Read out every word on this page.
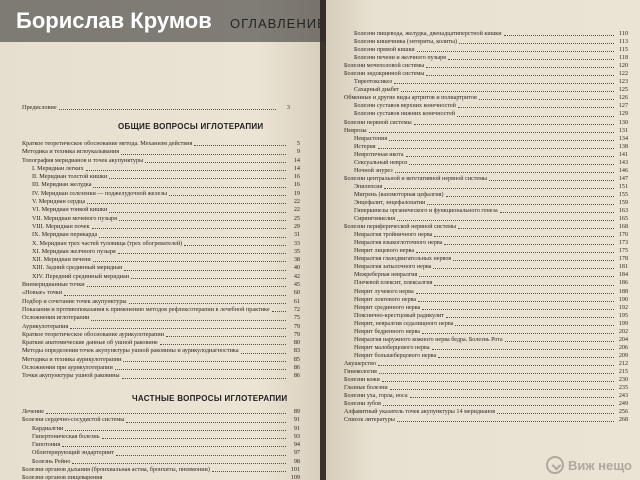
Предисловие	3
ОБЩИЕ ВОПРОСЫ ИГЛОТЕРАПИИ
Краткое теоретическое обоснование метода. Механизм действия	5
Методика и техника иглоукалывания	9
Топография меридианов и точек акупунктуры	14
I. Меридиан легких	14
II. Меридиан толстой кишки	16
III. Меридиан желудка	16
IV. Меридиан селезенки — поджелудочной железы	19
V. Меридиан сердца	22
VI. Меридиан тонкой кишки	22
VII. Меридиан мочевого пузыря	25
VIII. Меридиан почек	29
IX. Меридиан перикарда	31
X. Меридиан трех частей туловища (трех обогревателей)	33
XI. Меридиан желчного пузыря	35
XII. Меридиан печени	38
XIII. Задний срединный меридиан	40
XIV. Передний срединный меридиан	42
Внемеридианные точки	45
«Новые» точки	60
Подбор и сочетание точек акупунктуры	61
Показания и противопоказания к применению методов рефлексотерапии в лечебной практике	72
Осложнения иглотерапии	75
Аурикулотерапия	79
Краткое теоретическое обоснование аурикулотерапии	79
Краткие анатомические данные об ушной раковине	80
Методы определения точек акупунктуры ушной раковины и аурикулодиагностика	83
Методика и техника аурикулотерапии	85
Осложнения при аурикулотерапии	86
Точки акупунктуры ушной раковины	86
ЧАСТНЫЕ ВОПРОСЫ ИГЛОТЕРАПИИ
Лечение	89
Болезни сердечно-сосудистой системы	91
Кардиалгии	91
Гипертоническая болезнь	93
Гипотония	94
Облитерирующий эндартериит	97
Болезнь Рейно	98
Болезни органов дыхания (бронхиальная астма, бронхиты, пневмонии)	101
Болезни органов пищеварения	109
Болезни пищевода, желудка, двенадцатиперстной кишки	110
Болезни кишечника (энтериты, колиты)	113
Болезни прямой кишки	115
Болезни печени и желчного пузыря	118
Болезни мочеполовой системы	120
Болезни эндокринной системы	122
Тиреотоксикоз	123
Сахарный диабет	125
Обменные и другие виды артритов и полиартритов	126
Болезни суставов верхних конечностей	127
Болезни суставов нижних конечностей	129
Болезни нервной системы	130
Неврозы	131
Неврастения	134
Истерия	138
Невротичная икота	141
Сексуальный невроз	143
Ночной энурез	146
Болезни центральной и вегетативной нервной системы	147
Эпилепсия	151
Мигрень (вазомоторная цефалгия)	155
Энцефалит, энцефалопатии	159
Гиперкинезы органического и функционального генеза	163
Сирингомиелия	165
Болезни периферической нервной системы	168
Невралгия тройничного нерва	170
Невралгия языкоглоточного нерва	173
Неврит лицевого нерва	175
Невралгия глазодвигательных нервов	178
Невралгия затылочного нерва	181
Межреберная невралгия	184
Плечевой плексит, плексалгия	186
Неврит лучевого нерва	188
Неврит локтевого нерва	190
Неврит срединного нерва	192
Пояснично-крестцовый радикулит	195
Неврит, невралгия седалищного нерва	199
Неврит бедренного нерва	202
Невралгия наружного кожного нерва бедра. Болезнь Рота	204
Неврит малоберцового нерва	206
Неврит большеберцового нерва	209
Акушерство	212
Гинекология	215
Болезни кожи	230
Глазные болезни	235
Болезни уха, горла, носа	243
Болезни зубов	249
Алфавитный указатель точек акупунктуры 14 меридианов	256
Список литературы	268
Виж нещо
Борислав Крумов
